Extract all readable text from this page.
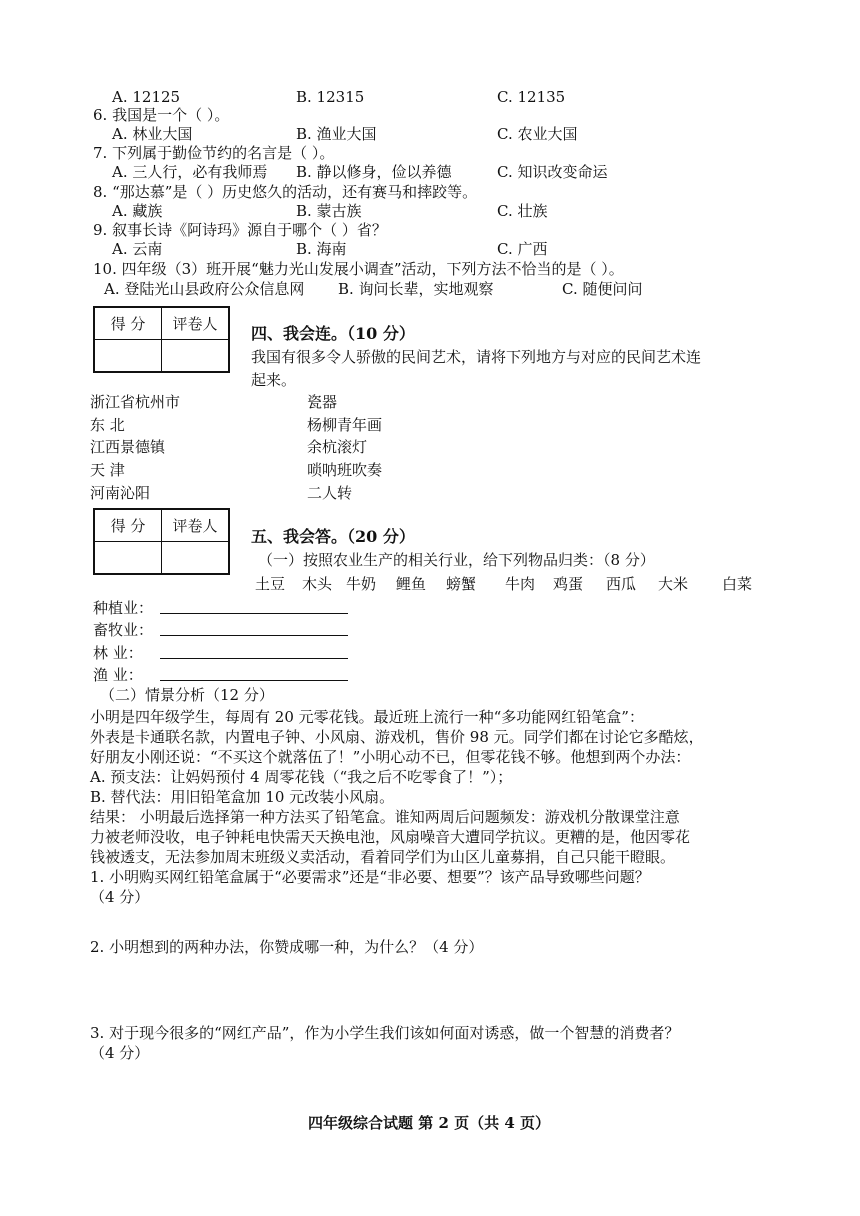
A. 12125	B. 12315	C. 12135
6. 我国是一个（ ）。
A. 林业大国	B. 渔业大国	C. 农业大国
7. 下列属于勤俭节约的名言是（ ）。
A. 三人行，必有我师焉 B. 静以修身，俭以养德	C. 知识改变命运
8. “那达慕”是（ ）历史悠久的活动，还有赛马和摔跤等。
A. 藏族	B. 蒙古族	C. 壮族
9. 叙事长诗《阿诗玛》源自于哪个（ ）省？
A. 云南	B. 海南	C. 广西
10. 四年级（3）班开展“魅力光山发展小调查”活动，下列方法不恰当的是（ ）。
A. 登陆光山县政府公众信息网 B. 询问长辈，实地观察	C. 随便问问
得 分	评卷人
	四、我会连。（10 分）
我国有很多令人骄傲的民间艺术，请将下列地方与对应的民间艺术连
起来。
浙江省杭州市
东 北
江西景德镇
天 津
河南沁阳
瓷器
杨柳青年画
余杭滚灯
唢呐班吹奏
二人转
得 分	评卷人

五、我会答。（20 分）
（一）按照农业生产的相关行业，给下列物品归类：（8 分）
土豆 木头 牛奶 鲤鱼 螃蟹 牛肉 鸡蛋 西瓜 大米 白菜
种植业：
畜牧业：
林 业：
渔 业：
（二）情景分析（12 分）
小明是四年级学生，每周有 20 元零花钱。最近班上流行一种“多功能网红铅笔盒”：
外表是卡通联名款，内置电子钟、小风扇、游戏机，售价 98 元。同学们都在讨论它多酷炫，
好朋友小刚还说：“不买这个就落伍了！”小明心动不已，但零花钱不够。他想到两个办法：
A. 预支法：让妈妈预付 4 周零花钱（“我之后不吃零食了！”）；
B. 替代法：用旧铅笔盒加 10 元改装小风扇。
结果： 小明最后选择第一种方法买了铅笔盒。谁知两周后问题频发：游戏机分散课堂注意
力被老师没收，电子钟耗电快需天天换电池，风扇噪音大遭同学抗议。更糟的是，他因零花
钱被透支，无法参加周末班级义卖活动，看着同学们为山区儿童募捐，自己只能干瞪眼。
1. 小明购买网红铅笔盒属于“必要需求”还是“非必要、想要”？该产品导致哪些问题？
（4 分）
2. 小明想到的两种办法，你赞成哪一种，为什么？（4 分）
3. 对于现今很多的“网红产品”，作为小学生我们该如何面对诱惑，做一个智慧的消费者？
（4 分）
四年级综合试题 第 2 页（共 4 页）
